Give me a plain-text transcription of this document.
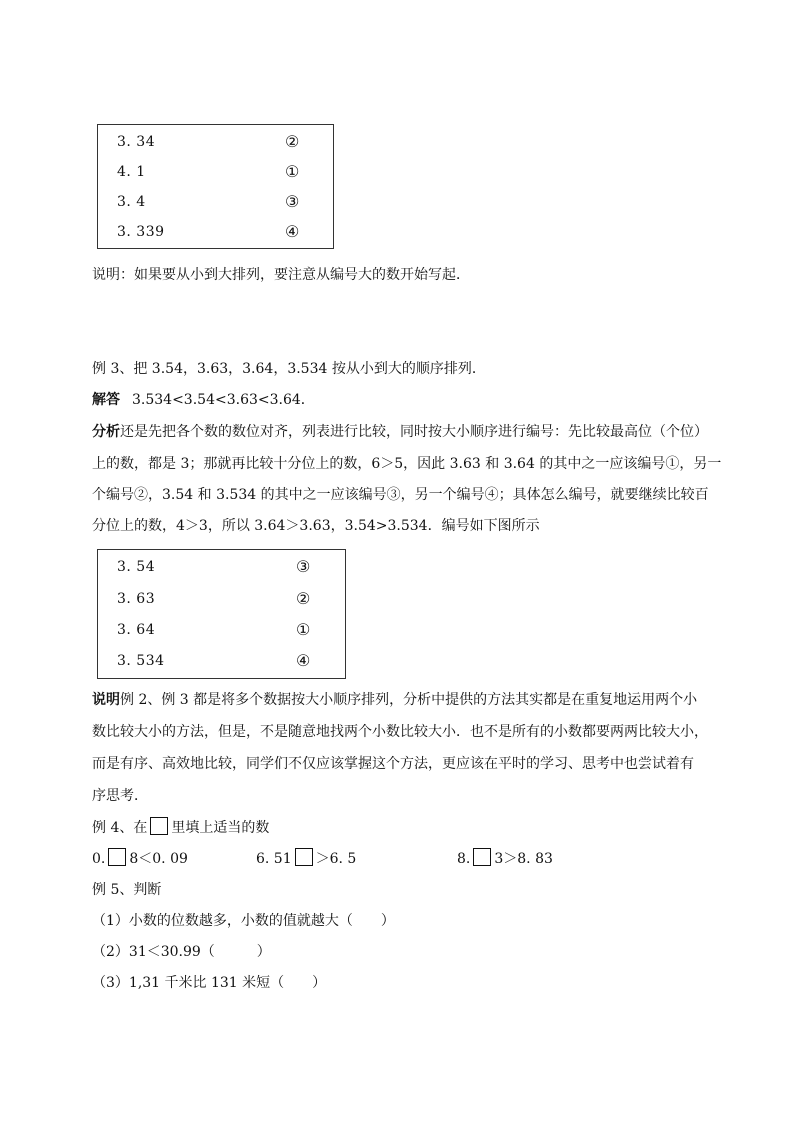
3. 34	②
4. 1	①
3. 4	③
3. 339	④
说明：如果要从小到大排列，要注意从编号大的数开始写起．
例 3、把 3.54，3.63，3.64，3.534 按从小到大的顺序排列．
解答 3.534<3.54<3.63<3.64．
分析还是先把各个数的数位对齐，列表进行比较，同时按大小顺序进行编号：先比较最高位（个位）
上的数，都是 3；那就再比较十分位上的数，6＞5，因此 3.63 和 3.64 的其中之一应该编号①，另一
个编号②，3.54 和 3.534 的其中之一应该编号③，另一个编号④；具体怎么编号，就要继续比较百
分位上的数，4＞3，所以 3.64＞3.63，3.54>3.534．编号如下图所示
3. 54	③
3. 63	②
3. 64	①
3. 534	④
说明例 2、例 3 都是将多个数据按大小顺序排列，分析中提供的方法其实都是在重复地运用两个小
数比较大小的方法，但是，不是随意地找两个小数比较大小．也不是所有的小数都要两两比较大小，
而是有序、高效地比较，同学们不仅应该掌握这个方法，更应该在平时的学习、思考中也尝试着有
序思考．
例 4、在 里填上适当的数
0. 8＜0. 09	6. 51 ＞6. 5	8. 3＞8. 83
例 5、判断
（1）小数的位数越多，小数的值就越大（　　）
（2）31＜30.99（　　　）
（3）1,31 千米比 131 米短（　　）
